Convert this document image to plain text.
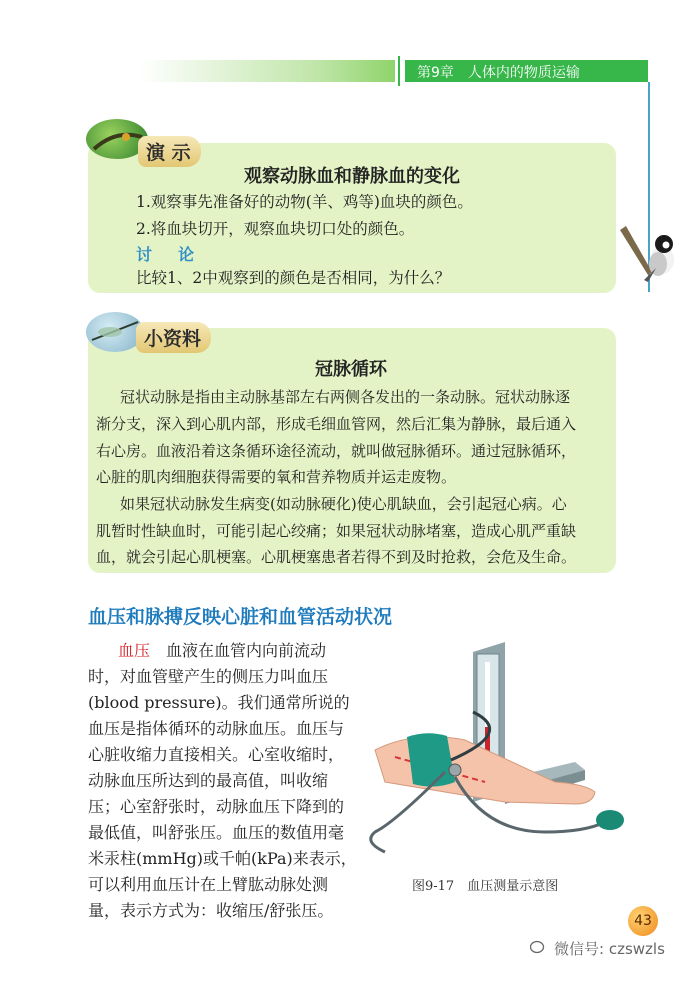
第9章　人体内的物质运输
演 示
观察动脉血和静脉血的变化
1.观察事先准备好的动物(羊、鸡等)血块的颜色。
2.将血块切开，观察血块切口处的颜色。
讨论
比较1、2中观察到的颜色是否相同，为什么？
小资料
冠脉循环
冠状动脉是指由主动脉基部左右两侧各发出的一条动脉。冠状动脉逐
渐分支，深入到心肌内部，形成毛细血管网，然后汇集为静脉，最后通入
右心房。血液沿着这条循环途径流动，就叫做冠脉循环。通过冠脉循环，
心脏的肌肉细胞获得需要的氧和营养物质并运走废物。
如果冠状动脉发生病变(如动脉硬化)使心肌缺血，会引起冠心病。心
肌暂时性缺血时，可能引起心绞痛；如果冠状动脉堵塞，造成心肌严重缺
血，就会引起心肌梗塞。心肌梗塞患者若得不到及时抢救，会危及生命。
血压和脉搏反映心脏和血管活动状况
血压　血液在血管内向前流动
时，对血管壁产生的侧压力叫血压
(blood pressure)。我们通常所说的
血压是指体循环的动脉血压。血压与
心脏收缩力直接相关。心室收缩时，
动脉血压所达到的最高值，叫收缩
压；心室舒张时，动脉血压下降到的
最低值，叫舒张压。血压的数值用毫
米汞柱(mmHg)或千帕(kPa)来表示，
可以利用血压计在上臂肱动脉处测
量，表示方式为：收缩压/舒张压。
图9-17　血压测量示意图
43
微信号: czswzls
